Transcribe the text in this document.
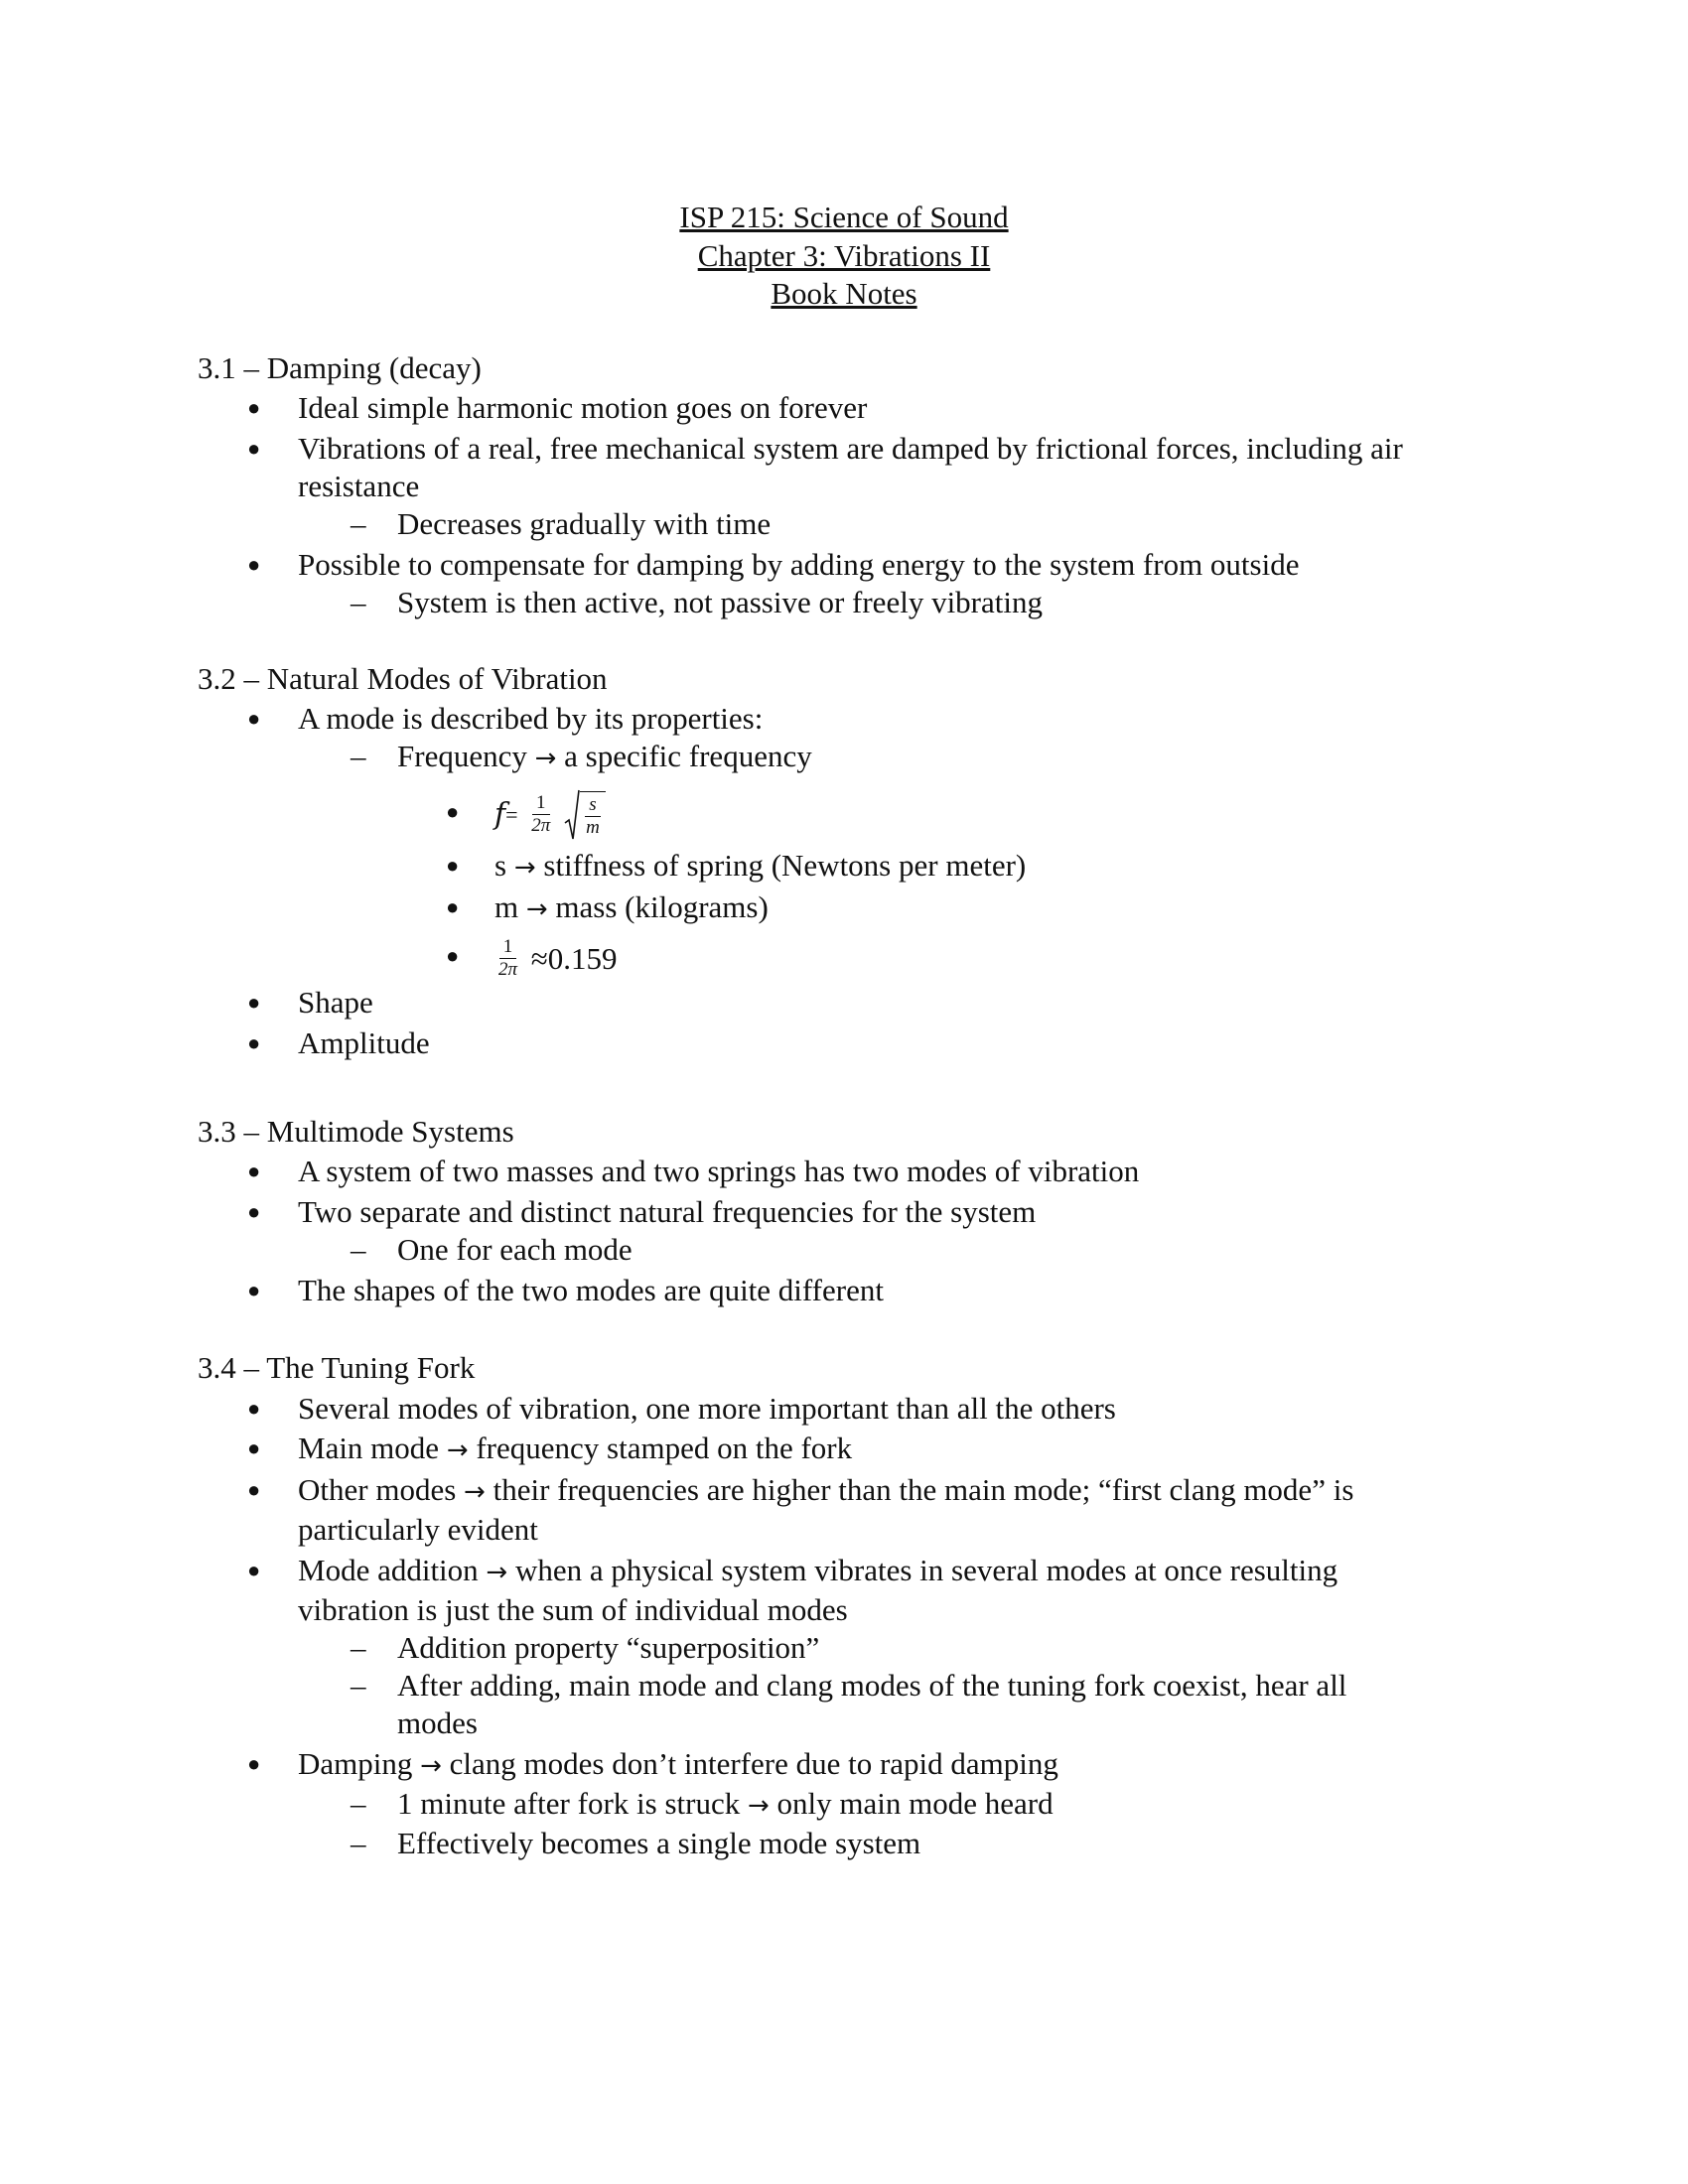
ISP 215: Science of Sound
Chapter 3: Vibrations II
Book Notes
3.1 – Damping (decay)
● Ideal simple harmonic motion goes on forever
● Vibrations of a real, free mechanical system are damped by frictional forces, including air
resistance
– Decreases gradually with time
● Possible to compensate for damping by adding energy to the system from outside
– System is then active, not passive or freely vibrating
3.2 – Natural Modes of Vibration
● A mode is described by its properties:
– Frequency → a specific frequency
● $f= \frac{1}{2\pi}$
$\frac{s}{m}$
● s → stiffness of spring (Newtons per meter)
● m → mass (kilograms)
● $\frac{1}{2\pi} \approx 0.159$
● Shape
● Amplitude
3.3 – Multimode Systems
● A system of two masses and two springs has two modes of vibration
● Two separate and distinct natural frequencies for the system
– One for each mode
● The shapes of the two modes are quite different
3.4 – The Tuning Fork
● Several modes of vibration, one more important than all the others
● Main mode → frequency stamped on the fork
● Other modes → their frequencies are higher than the main mode; “first clang mode” is
particularly evident
● Mode addition → when a physical system vibrates in several modes at once resulting
vibration is just the sum of individual modes
– Addition property “superposition”
– After adding, main mode and clang modes of the tuning fork coexist, hear all
modes
● Damping → clang modes don’t interfere due to rapid damping
– 1 minute after fork is struck → only main mode heard
– Effectively becomes a single mode system
